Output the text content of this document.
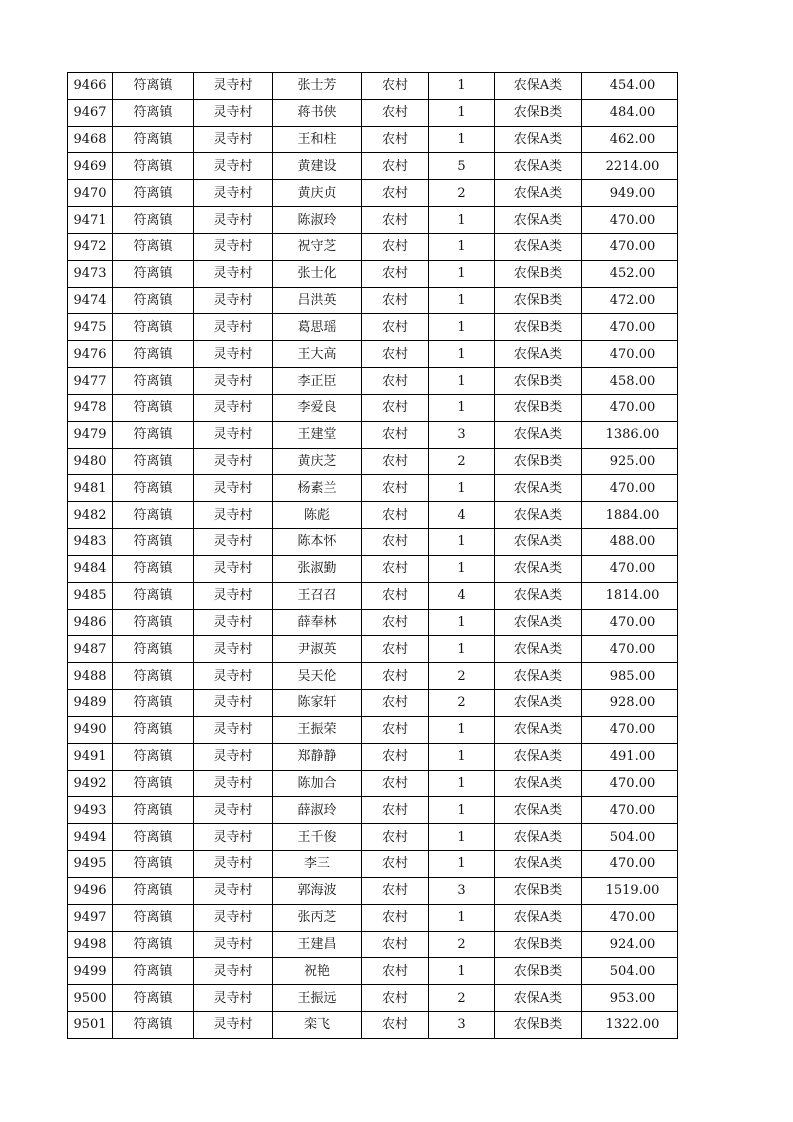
9466	符离镇	灵寺村	张士芳	农村	1	农保A类	454.00
9467	符离镇	灵寺村	蒋书侠	农村	1	农保B类	484.00
9468	符离镇	灵寺村	王和柱	农村	1	农保A类	462.00
9469	符离镇	灵寺村	黄建设	农村	5	农保A类	2214.00
9470	符离镇	灵寺村	黄庆贞	农村	2	农保A类	949.00
9471	符离镇	灵寺村	陈淑玲	农村	1	农保A类	470.00
9472	符离镇	灵寺村	祝守芝	农村	1	农保A类	470.00
9473	符离镇	灵寺村	张士化	农村	1	农保B类	452.00
9474	符离镇	灵寺村	吕洪英	农村	1	农保B类	472.00
9475	符离镇	灵寺村	葛思瑶	农村	1	农保B类	470.00
9476	符离镇	灵寺村	王大高	农村	1	农保A类	470.00
9477	符离镇	灵寺村	李正臣	农村	1	农保B类	458.00
9478	符离镇	灵寺村	李爱良	农村	1	农保B类	470.00
9479	符离镇	灵寺村	王建堂	农村	3	农保A类	1386.00
9480	符离镇	灵寺村	黄庆芝	农村	2	农保B类	925.00
9481	符离镇	灵寺村	杨素兰	农村	1	农保A类	470.00
9482	符离镇	灵寺村	陈彪	农村	4	农保A类	1884.00
9483	符离镇	灵寺村	陈本怀	农村	1	农保A类	488.00
9484	符离镇	灵寺村	张淑勤	农村	1	农保A类	470.00
9485	符离镇	灵寺村	王召召	农村	4	农保A类	1814.00
9486	符离镇	灵寺村	薛奉林	农村	1	农保A类	470.00
9487	符离镇	灵寺村	尹淑英	农村	1	农保A类	470.00
9488	符离镇	灵寺村	吴天伦	农村	2	农保A类	985.00
9489	符离镇	灵寺村	陈家轩	农村	2	农保A类	928.00
9490	符离镇	灵寺村	王振荣	农村	1	农保A类	470.00
9491	符离镇	灵寺村	郑静静	农村	1	农保A类	491.00
9492	符离镇	灵寺村	陈加合	农村	1	农保A类	470.00
9493	符离镇	灵寺村	薛淑玲	农村	1	农保A类	470.00
9494	符离镇	灵寺村	王千俊	农村	1	农保A类	504.00
9495	符离镇	灵寺村	李三	农村	1	农保A类	470.00
9496	符离镇	灵寺村	郭海波	农村	3	农保B类	1519.00
9497	符离镇	灵寺村	张丙芝	农村	1	农保A类	470.00
9498	符离镇	灵寺村	王建昌	农村	2	农保B类	924.00
9499	符离镇	灵寺村	祝艳	农村	1	农保B类	504.00
9500	符离镇	灵寺村	王振远	农村	2	农保A类	953.00
9501	符离镇	灵寺村	栾飞	农村	3	农保B类	1322.00
